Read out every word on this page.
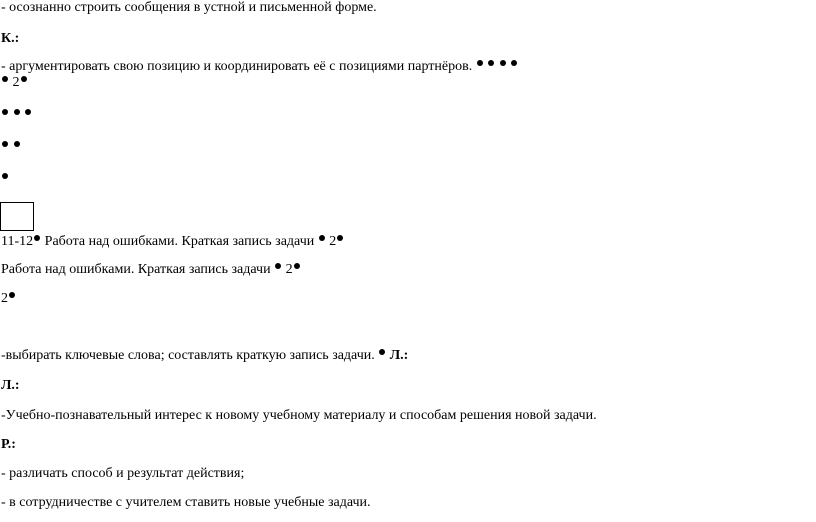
- осознанно строить сообщения в устной и письменной форме.
К.:
- аргументировать свою позицию и координировать её с позициями партнёров.
2

11-12 Работа над ошибками. Краткая запись задачи 2
Работа над ошибками. Краткая запись задачи 2
2
-выбирать ключевые слова; составлять краткую запись задачи. Л.:
Л.:
-Учебно-познавательный интерес к новому учебному материалу и способам решения новой задачи.
Р.:
- различать способ и результат действия;
- в сотрудничестве с учителем ставить новые учебные задачи.
